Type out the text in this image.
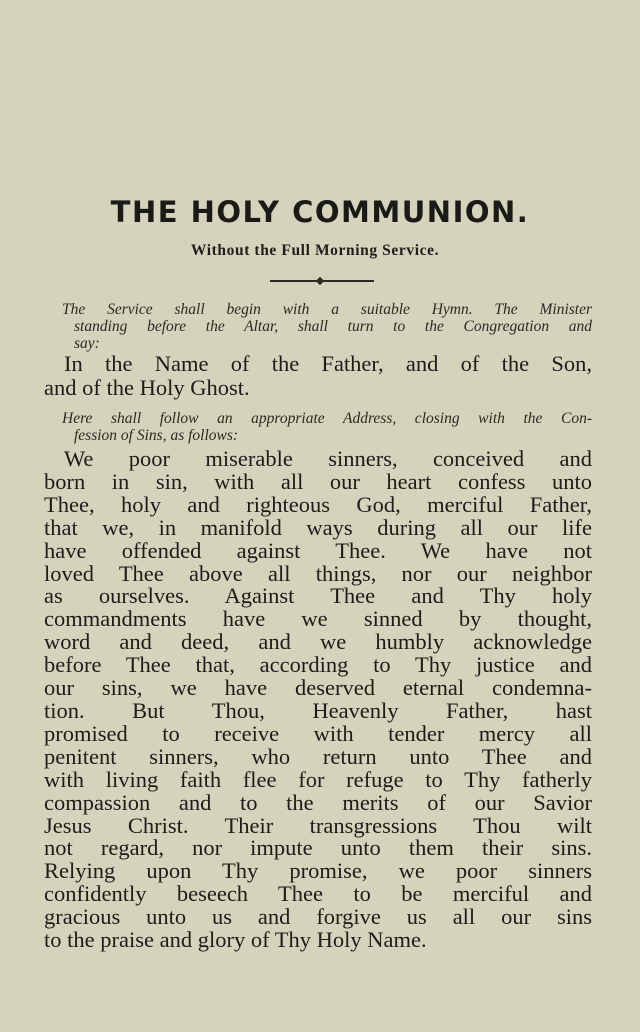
THE HOLY COMMUNION.
Without the Full Morning Service.
The Service shall begin with a suitable Hymn. The Minister
standing before the Altar, shall turn to the Congregation and
say:
In the Name of the Father, and of the Son,
and of the Holy Ghost.
Here shall follow an appropriate Address, closing with the Con-
fession of Sins, as follows:
We poor miserable sinners, conceived and
born in sin, with all our heart confess unto
Thee, holy and righteous God, merciful Father,
that we, in manifold ways during all our life
have offended against Thee. We have not
loved Thee above all things, nor our neighbor
as ourselves. Against Thee and Thy holy
commandments have we sinned by thought,
word and deed, and we humbly acknowledge
before Thee that, according to Thy justice and
our sins, we have deserved eternal condemna-
tion. But Thou, Heavenly Father, hast
promised to receive with tender mercy all
penitent sinners, who return unto Thee and
with living faith flee for refuge to Thy fatherly
compassion and to the merits of our Savior
Jesus Christ. Their transgressions Thou wilt
not regard, nor impute unto them their sins.
Relying upon Thy promise, we poor sinners
confidently beseech Thee to be merciful and
gracious unto us and forgive us all our sins
to the praise and glory of Thy Holy Name.
